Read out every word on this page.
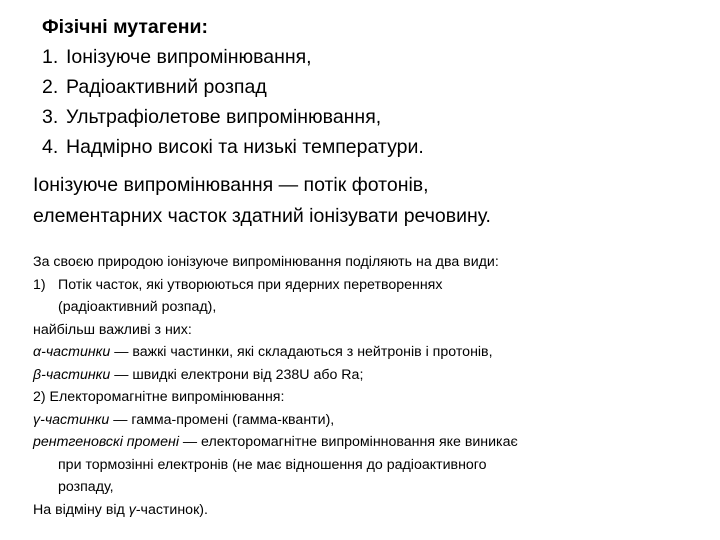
Фізічні мутагени:
1. Іонізуюче випромінювання,
2. Радіоактивний розпад
3. Ультрафіолетове випромінювання,
4. Надмірно високі та низькі температури.
Іонізуюче випромінювання — потік фотонів,
елементарних часток здатний іонізувати речовину.
За своєю природою іонізуюче випромінювання поділяють на два види:
1) Потік часток, які утворюються при ядерних перетвореннях
(радіоактивний розпад),
найбільш важливі з них:
α-частинки — важкі частинки, які складаються з нейтронів і протонів,
β-частинки — швидкі електрони від 238U або Ra;
2) Електоромагнітне випромінювання:
γ-частинки — гамма-промені (гамма-кванти),
рентгеновскі промені — електоромагнітне випромінновання яке виникає
при тормозінні електронів (не має відношення до радіоактивного
розпаду,
На відміну від γ-частинок).
